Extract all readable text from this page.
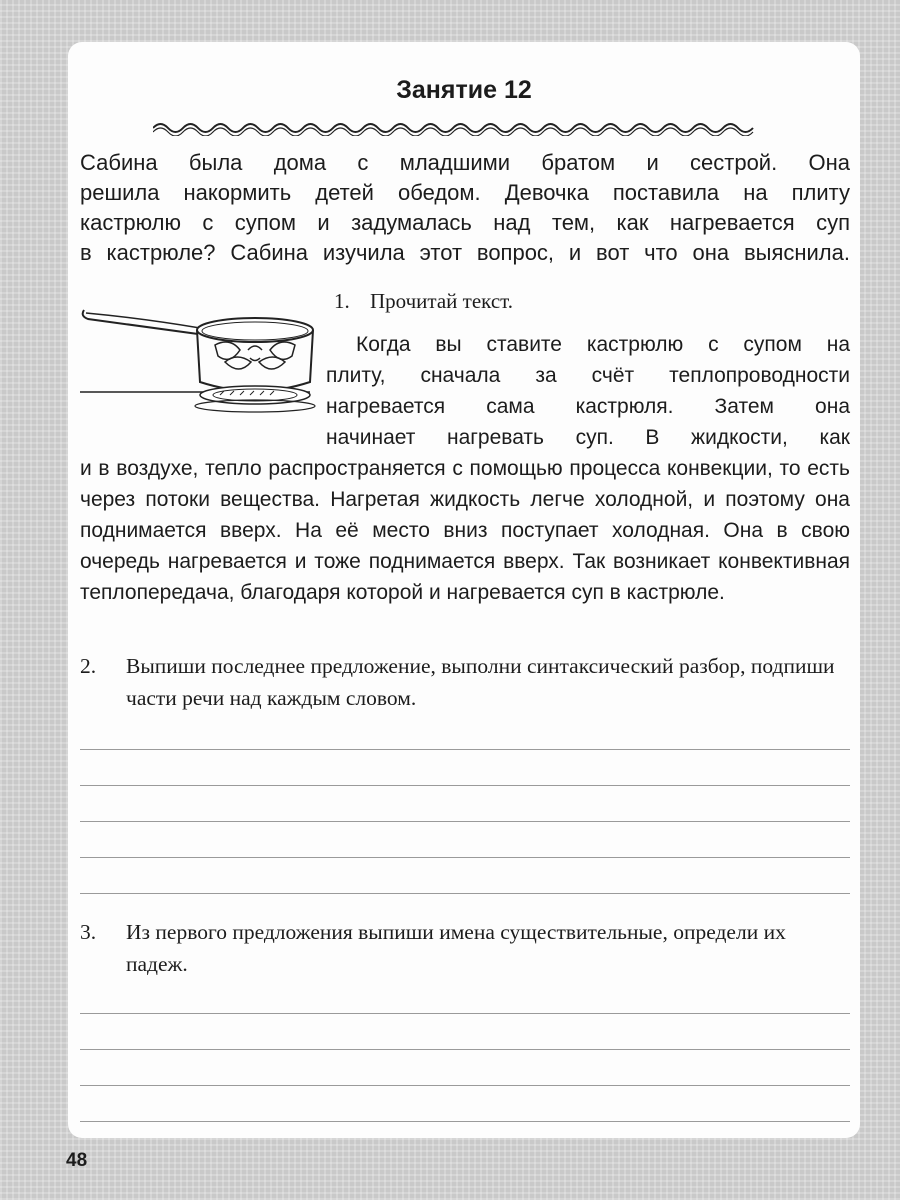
Занятие 12

Сабина была дома с младшими братом и сестрой. Она
решила накормить детей обедом. Девочка поставила на плиту
кастрюлю с супом и задумалась над тем, как нагревается суп

в кастрюле? Сабина изучила этот вопрос, и вот что она выяснила.

1. Прочитай текст.

Когда вы ставите кастрюлю с супом на
плиту, сначала за счёт теплопроводности
нагревается сама кастрюля. Затем она
начинает нагревать суп. В жидкости, как

и в воздухе, тепло распространяется с помощью процесса конвекции, то есть через потоки вещества. Нагретая жидкость легче холодной, и поэтому она поднимается вверх. На её место вниз поступает холодная. Она в свою очередь нагревается и тоже поднимается вверх. Так возникает конвективная теплопередача, благодаря которой и нагревается суп в кастрюле.

2. Выпиши последнее предложение, выполни синтаксический разбор, подпиши части речи над каждым словом.
3. Из первого предложения выпиши имена существительные, определи их падеж.
48
